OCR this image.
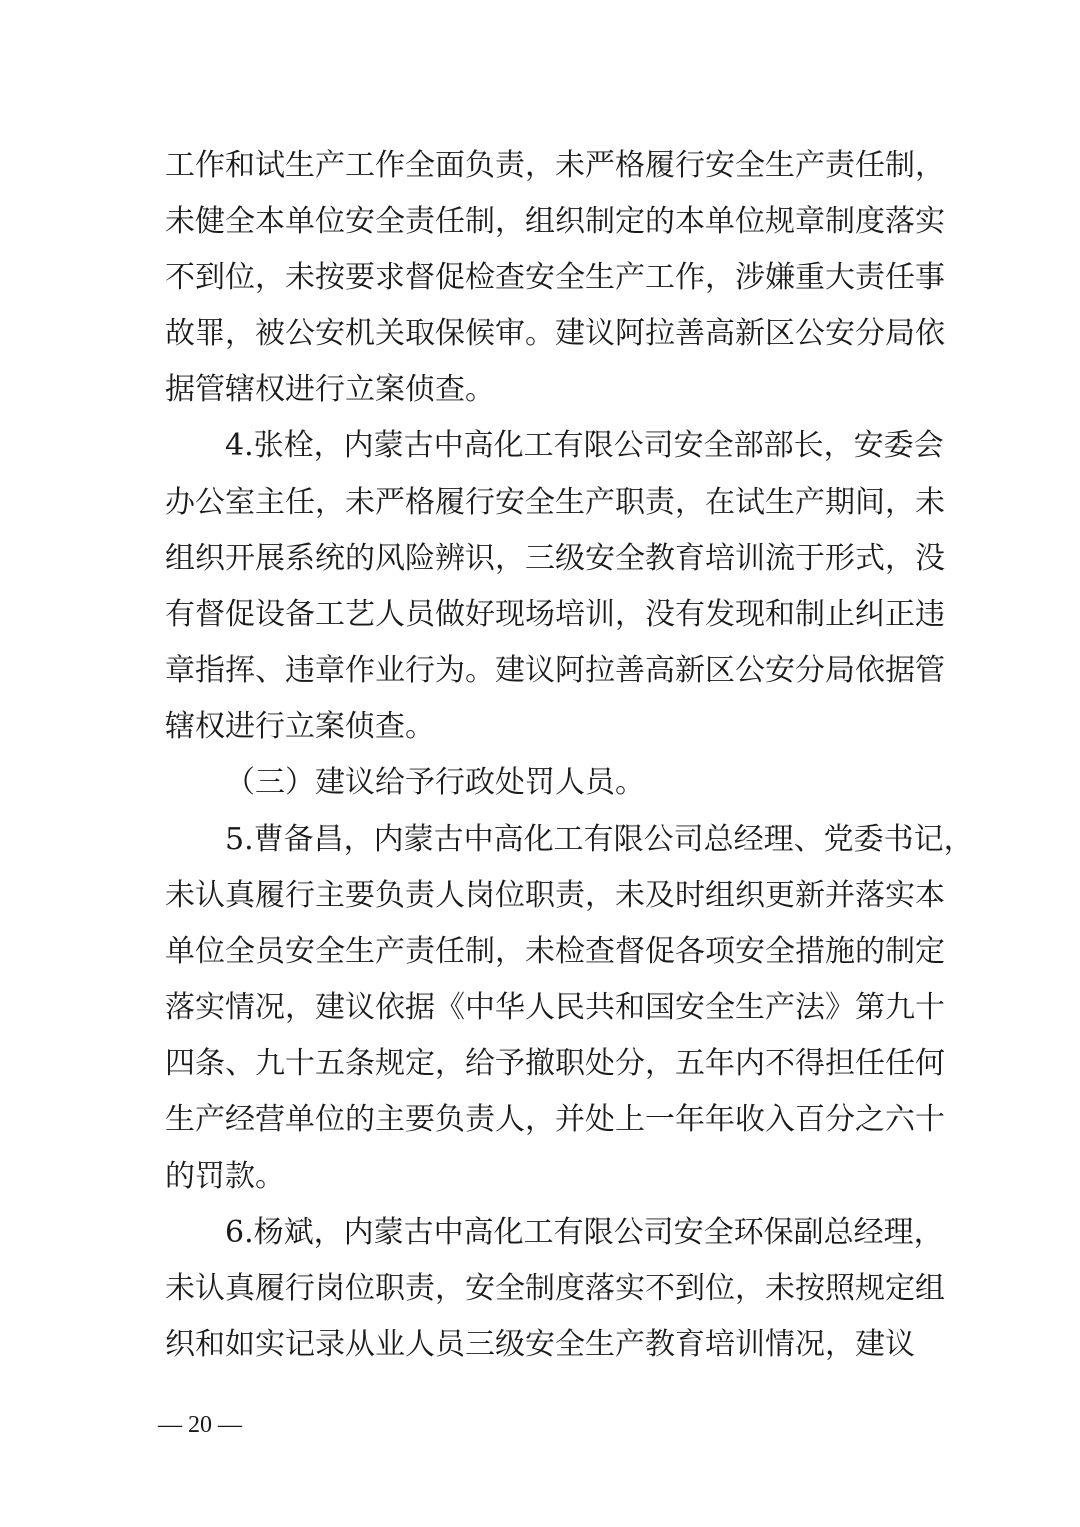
工作和试生产工作全面负责，未严格履行安全生产责任制，
未健全本单位安全责任制，组织制定的本单位规章制度落实
不到位，未按要求督促检查安全生产工作，涉嫌重大责任事
故罪，被公安机关取保候审。建议阿拉善高新区公安分局依
据管辖权进行立案侦查。
4.张栓，内蒙古中高化工有限公司安全部部长，安委会
办公室主任，未严格履行安全生产职责，在试生产期间，未
组织开展系统的风险辨识，三级安全教育培训流于形式，没
有督促设备工艺人员做好现场培训，没有发现和制止纠正违
章指挥、违章作业行为。建议阿拉善高新区公安分局依据管
辖权进行立案侦查。
（三）建议给予行政处罚人员。
5.曹备昌，内蒙古中高化工有限公司总经理、党委书记，
未认真履行主要负责人岗位职责，未及时组织更新并落实本
单位全员安全生产责任制，未检查督促各项安全措施的制定
落实情况，建议依据《中华人民共和国安全生产法》第九十
四条、九十五条规定，给予撤职处分，五年内不得担任任何
生产经营单位的主要负责人，并处上一年年收入百分之六十
的罚款。
6.杨斌，内蒙古中高化工有限公司安全环保副总经理，
未认真履行岗位职责，安全制度落实不到位，未按照规定组
织和如实记录从业人员三级安全生产教育培训情况，建议
— 20 —
